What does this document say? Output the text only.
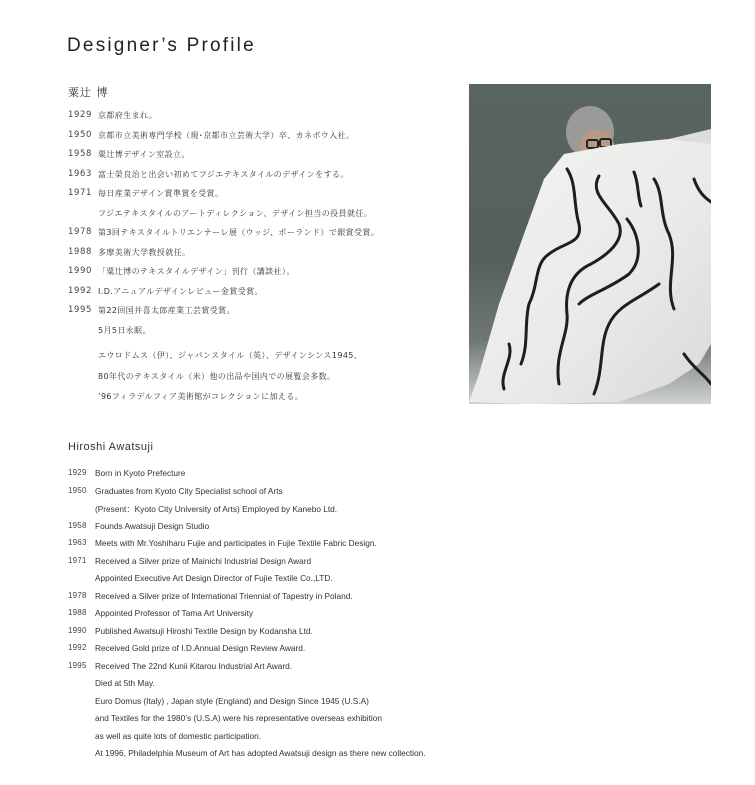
Designer’s Profile
粟辻 博
1929 京都府生まれ。
1950 京都市立美術専門学校（現･京都市立芸術大学）卒、カネボウ入社。
1958 粟辻博デザイン室設立。
1963 富士榮良治と出会い初めてフジエテキスタイルのデザインをする。
1971 毎日産業デザイン賞準賞を受賞。
フジエテキスタイルのアートディレクション、デザイン担当の役員就任。
1978 第3回テキスタイルトリエンナーレ展（ウッジ、ポーランド）で銀賞受賞。
1988 多摩美術大学教授就任。
1990 「粟辻博のテキスタイルデザイン」刊行（講談社）。
1992 I.D.アニュアルデザインレビュー金賞受賞。
1995 第22回国井喜太郎産業工芸賞受賞。
5月5日永眠。
エウロドムス（伊）、ジャパンスタイル（英）、デザインシンス1945、
80年代のテキスタイル（米）他の出品や国内での展覧会多数。
’96フィラデルフィア美術館がコレクションに加える。
Hiroshi Awatsuji
1929	Born in Kyoto Prefecture
1950	Graduates from Kyoto City Specialist school of Arts
(Present：Kyoto City University of Arts) Employed by Kanebo Ltd.
1958	Founds Awatsuji Design Studio
1963	Meets with Mr.Yoshiharu Fujie and participates in Fujie Textile Fabric Design.
1971	Received a Silver prize of Mainichi Industrial Design Award
Appointed Executive Art Design Director of Fujie Textile Co.,LTD.
1978	Received a Silver prize of International Triennial of Tapestry in Poland.
1988	Appointed Professor of Tama Art University
1990	Published Awatsuji Hiroshi Textile Design by Kodansha Ltd.
1992	Received Gold prize of I.D.Annual Design Review Award.
1995	Received The 22nd Kunii Kitarou Industrial Art Award.
Died at 5th May.
Euro Domus (Italy) , Japan style (England) and Design Since 1945 (U.S.A)
and Textiles for the 1980’s (U.S.A) were his representative overseas exhibition
as well as quite lots of domestic participation.
At 1996, Philadelphia Museum of Art has adopted Awatsuji design as there new collection.
